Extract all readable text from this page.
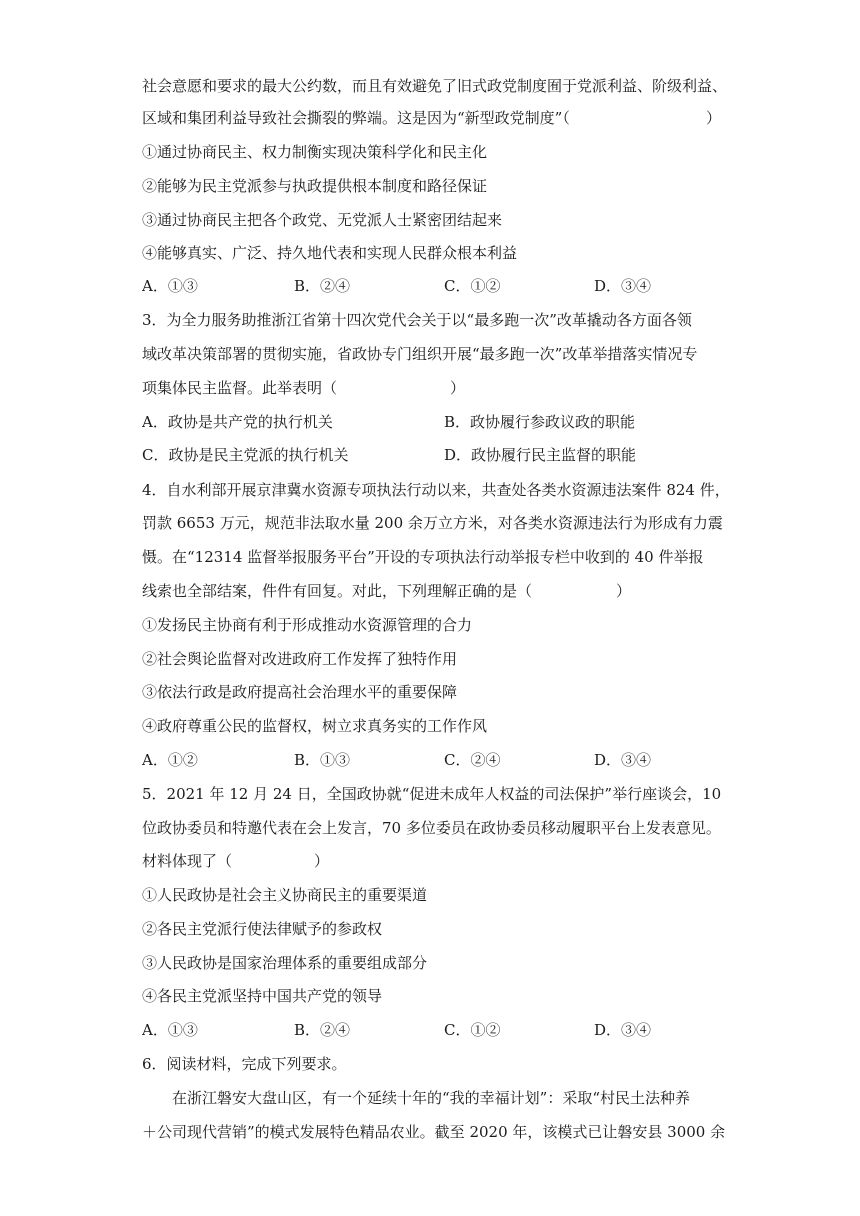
社会意愿和要求的最大公约数，而且有效避免了旧式政党制度囿于党派利益、阶级利益、
区域和集团利益导致社会撕裂的弊端。这是因为“新型政党制度”（	）
①通过协商民主、权力制衡实现决策科学化和民主化
②能够为民主党派参与执政提供根本制度和路径保证
③通过协商民主把各个政党、无党派人士紧密团结起来
④能够真实、广泛、持久地代表和实现人民群众根本利益
A．①③	B．②④	C．①②	D．③④
3．为全力服务助推浙江省第十四次党代会关于以“最多跑一次”改革撬动各方面各领
域改革决策部署的贯彻实施，省政协专门组织开展“最多跑一次”改革举措落实情况专
项集体民主监督。此举表明（	）
A．政协是共产党的执行机关	B．政协履行参政议政的职能
C．政协是民主党派的执行机关	D．政协履行民主监督的职能
4．自水利部开展京津冀水资源专项执法行动以来，共查处各类水资源违法案件 824 件，
罚款 6653 万元，规范非法取水量 200 余万立方米，对各类水资源违法行为形成有力震
慑。在“12314 监督举报服务平台”开设的专项执法行动举报专栏中收到的 40 件举报
线索也全部结案，件件有回复。对此，下列理解正确的是（	）
①发扬民主协商有利于形成推动水资源管理的合力
②社会舆论监督对改进政府工作发挥了独特作用
③依法行政是政府提高社会治理水平的重要保障
④政府尊重公民的监督权，树立求真务实的工作作风
A．①②	B．①③	C．②④	D．③④
5．2021 年 12 月 24 日，全国政协就“促进未成年人权益的司法保护”举行座谈会，10
位政协委员和特邀代表在会上发言，70 多位委员在政协委员移动履职平台上发表意见。
材料体现了（	）
①人民政协是社会主义协商民主的重要渠道
②各民主党派行使法律赋予的参政权
③人民政协是国家治理体系的重要组成部分
④各民主党派坚持中国共产党的领导
A．①③	B．②④	C．①②	D．③④
6．阅读材料，完成下列要求。
在浙江磐安大盘山区，有一个延续十年的“我的幸福计划”：采取“村民土法种养
＋公司现代营销”的模式发展特色精品农业。截至 2020 年，该模式已让磐安县 3000 余
